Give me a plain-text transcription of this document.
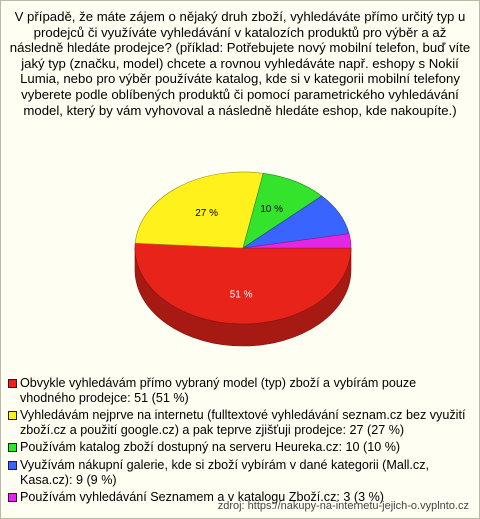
V případě, že máte zájem o nějaký druh zboží, vyhledáváte přímo určitý typ u prodejců či využíváte vyhledávání v katalozích produktů pro výběr a až následně hledáte prodejce? (příklad: Potřebujete nový mobilní telefon, buď víte jaký typ (značku, model) chcete a rovnou vyhledáváte např. eshopy s Nokií Lumia, nebo pro výběr používáte katalog, kde si v kategorii mobilní telefony vyberete podle oblíbených produktů či pomocí parametrického vyhledávání model, který by vám vyhovoval a následně hledáte eshop, kde nakoupíte.)
51 %
27 %	10 %
Obvykle vyhledávám přímo vybraný model (typ) zboží a vybírám pouze vhodného prodejce: 51 (51 %)
Vyhledávám nejprve na internetu (fulltextové vyhledávání seznam.cz bez využití zboží.cz a použití google.cz) a pak teprve zjišťuji prodejce: 27 (27 %)
Používám katalog zboží dostupný na serveru Heureka.cz: 10 (10 %)
Využívám nákupní galerie, kde si zboží vybírám v dané kategorii (Mall.cz, Kasa.cz): 9 (9 %)
Používám vyhledávání Seznamem a v katalogu Zboží.cz: 3 (3 %)
zdroj: https://nakupy-na-internetu-jejich-o.vyplnto.cz
